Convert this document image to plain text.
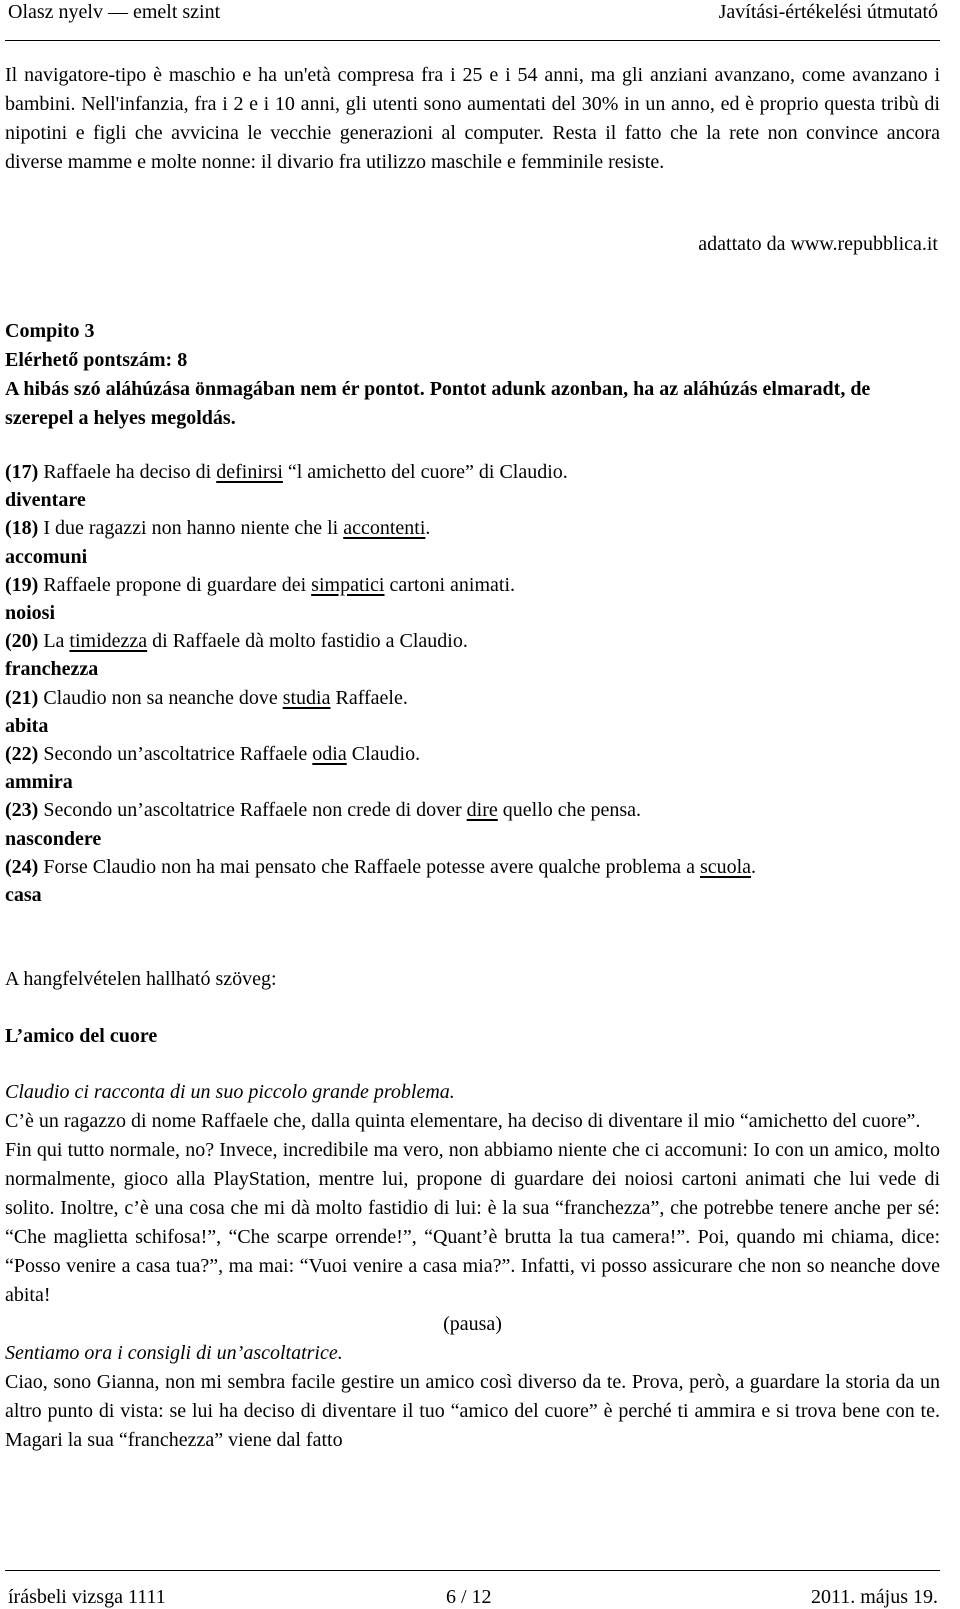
Olasz nyelv — emelt szint	Javítási-értékelési útmutató

Il navigatore-tipo è maschio e ha un'età compresa fra i 25 e i 54 anni, ma gli anziani avanzano, come avanzano i bambini. Nell'infanzia, fra i 2 e i 10 anni, gli utenti sono aumentati del 30% in un anno, ed è proprio questa tribù di nipotini e figli che avvicina le vecchie generazioni al computer. Resta il fatto che la rete non convince ancora diverse mamme e molte nonne: il divario fra utilizzo maschile e femminile resiste.

adattato da www.repubblica.it

Compito 3

Elérhető pontszám: 8

A hibás szó aláhúzása önmagában nem ér pontot. Pontot adunk azonban, ha az aláhúzás elmaradt, de szerepel a helyes megoldás.

(17) Raffaele ha deciso di definirsi “l amichetto del cuore” di Claudio.

diventare

(18) I due ragazzi non hanno niente che li accontenti.

accomuni

(19) Raffaele propone di guardare dei simpatici cartoni animati.

noiosi

(20) La timidezza di Raffaele dà molto fastidio a Claudio.

franchezza

(21) Claudio non sa neanche dove studia Raffaele.

abita

(22) Secondo un’ascoltatrice Raffaele odia Claudio.

ammira

(23) Secondo un’ascoltatrice Raffaele non crede di dover dire quello che pensa.

nascondere

(24) Forse Claudio non ha mai pensato che Raffaele potesse avere qualche problema a scuola.

casa

A hangfelvételen hallható szöveg:
L’amico del cuore

Claudio ci racconta di un suo piccolo grande problema.

C’è un ragazzo di nome Raffaele che, dalla quinta elementare, ha deciso di diventare il mio “amichetto del cuore”.

Fin qui tutto normale, no? Invece, incredibile ma vero, non abbiamo niente che ci accomuni: Io con un amico, molto normalmente, gioco alla PlayStation, mentre lui, propone di guardare dei noiosi cartoni animati che lui vede di solito. Inoltre, c’è una cosa che mi dà molto fastidio di lui: è la sua “franchezza”, che potrebbe tenere anche per sé: “Che maglietta schifosa!”, “Che scarpe orrende!”, “Quant’è brutta la tua camera!”. Poi, quando mi chiama, dice: “Posso venire a casa tua?”, ma mai: “Vuoi venire a casa mia?”. Infatti, vi posso assicurare che non so neanche dove abita!

(pausa)

Sentiamo ora i consigli di un’ascoltatrice.

Ciao, sono Gianna, non mi sembra facile gestire un amico così diverso da te. Prova, però, a guardare la storia da un altro punto di vista: se lui ha deciso di diventare il tuo “amico del cuore” è perché ti ammira e si trova bene con te. Magari la sua “franchezza” viene dal fatto

írásbeli vizsga 1111	6 / 12	2011. május 19.
